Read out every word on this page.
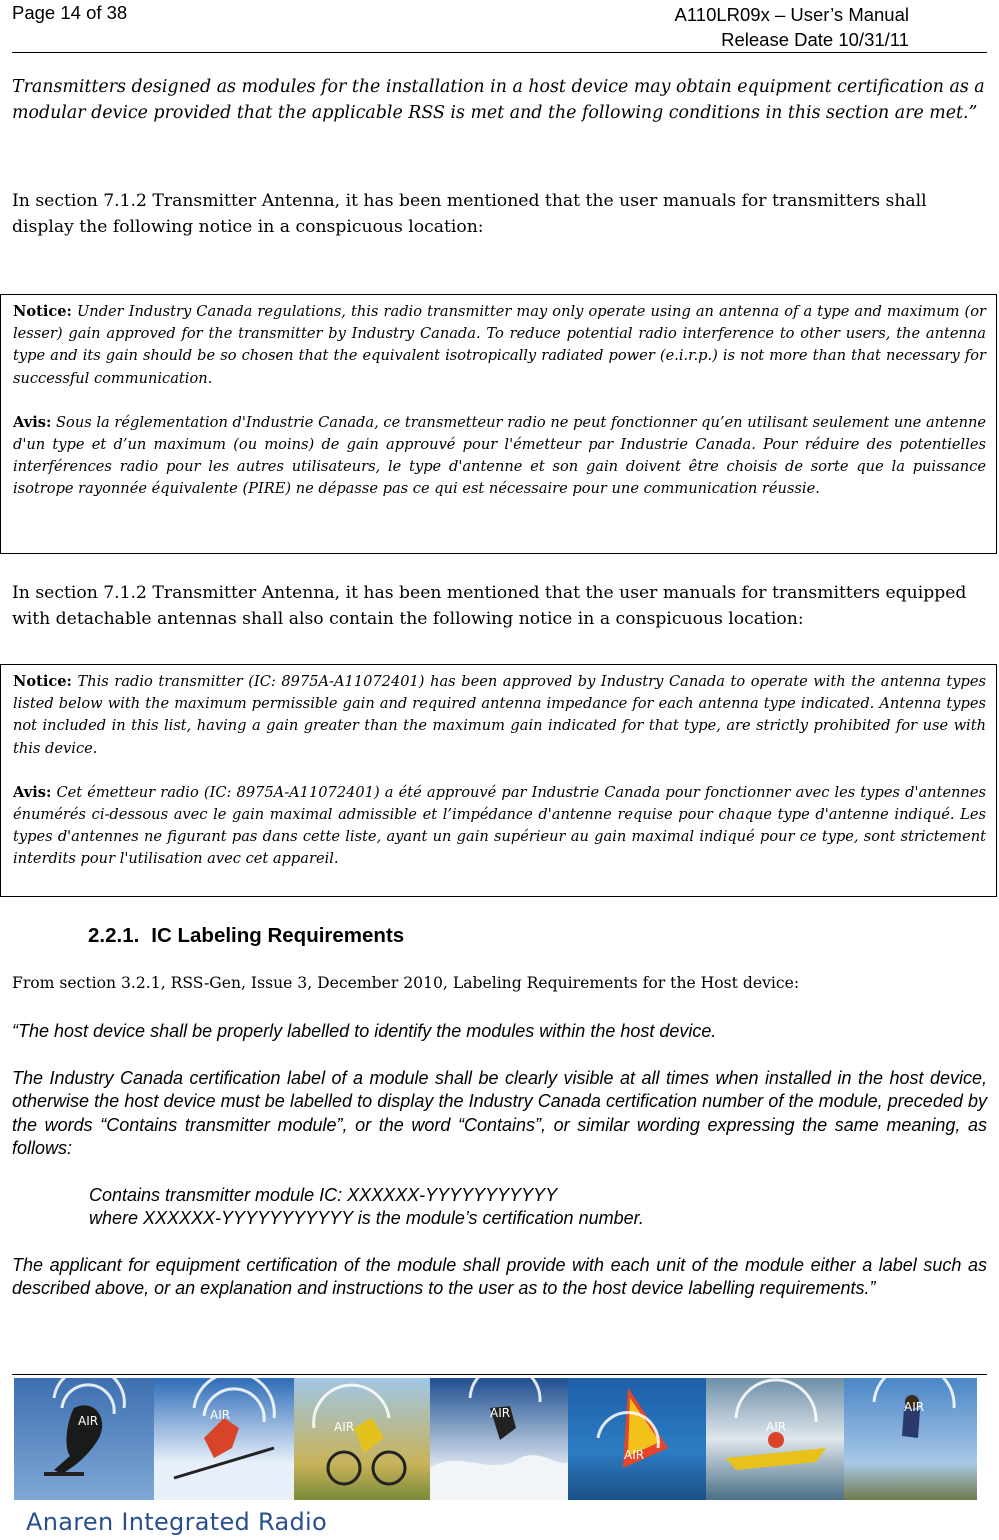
Page 14 of 38	A110LR09x – User’s Manual
Release Date 10/31/11
Transmitters designed as modules for the installation in a host device may obtain equipment certification as a modular device provided that the applicable RSS is met and the following conditions in this section are met.”
In section 7.1.2 Transmitter Antenna, it has been mentioned that the user manuals for transmitters shall display the following notice in a conspicuous location:

Notice: Under Industry Canada regulations, this radio transmitter may only operate using an antenna of a type and maximum (or lesser) gain approved for the transmitter by Industry Canada. To reduce potential radio interference to other users, the antenna type and its gain should be so chosen that the equivalent isotropically radiated power (e.i.r.p.) is not more than that necessary for successful communication.

Avis: Sous la réglementation d'Industrie Canada, ce transmetteur radio ne peut fonctionner qu’en utilisant seulement une antenne d'un type et d’un maximum (ou moins) de gain approuvé pour l'émetteur par Industrie Canada. Pour réduire des potentielles interférences radio pour les autres utilisateurs, le type d'antenne et son gain doivent être choisis de sorte que la puissance isotrope rayonnée équivalente (PIRE) ne dépasse pas ce qui est nécessaire pour une communication réussie.

In section 7.1.2 Transmitter Antenna, it has been mentioned that the user manuals for transmitters equipped with detachable antennas shall also contain the following notice in a conspicuous location:

Notice: This radio transmitter (IC: 8975A-A11072401) has been approved by Industry Canada to operate with the antenna types listed below with the maximum permissible gain and required antenna impedance for each antenna type indicated. Antenna types not included in this list, having a gain greater than the maximum gain indicated for that type, are strictly prohibited for use with this device.

Avis: Cet émetteur radio (IC: 8975A-A11072401) a été approuvé par Industrie Canada pour fonctionner avec les types d'antennes énumérés ci-dessous avec le gain maximal admissible et l’impédance d'antenne requise pour chaque type d'antenne indiqué. Les types d'antennes ne figurant pas dans cette liste, ayant un gain supérieur au gain maximal indiqué pour ce type, sont strictement interdits pour l'utilisation avec cet appareil.

2.2.1. IC Labeling Requirements
From section 3.2.1, RSS-Gen, Issue 3, December 2010, Labeling Requirements for the Host device:

“The host device shall be properly labelled to identify the modules within the host device.

The Industry Canada certification label of a module shall be clearly visible at all times when installed in the host device, otherwise the host device must be labelled to display the Industry Canada certification number of the module, preceded by the words “Contains transmitter module”, or the word “Contains”, or similar wording expressing the same meaning, as follows:

Contains transmitter module IC: XXXXXX-YYYYYYYYYYY

where XXXXXX-YYYYYYYYYYY is the module’s certification number.

The applicant for equipment certification of the module shall provide with each unit of the module either a label such as described above, or an explanation and instructions to the user as to the host device labelling requirements.”

AIR	AIR
AIR
AIR
AIR
AIR
AIR
Anaren Integrated Radio
